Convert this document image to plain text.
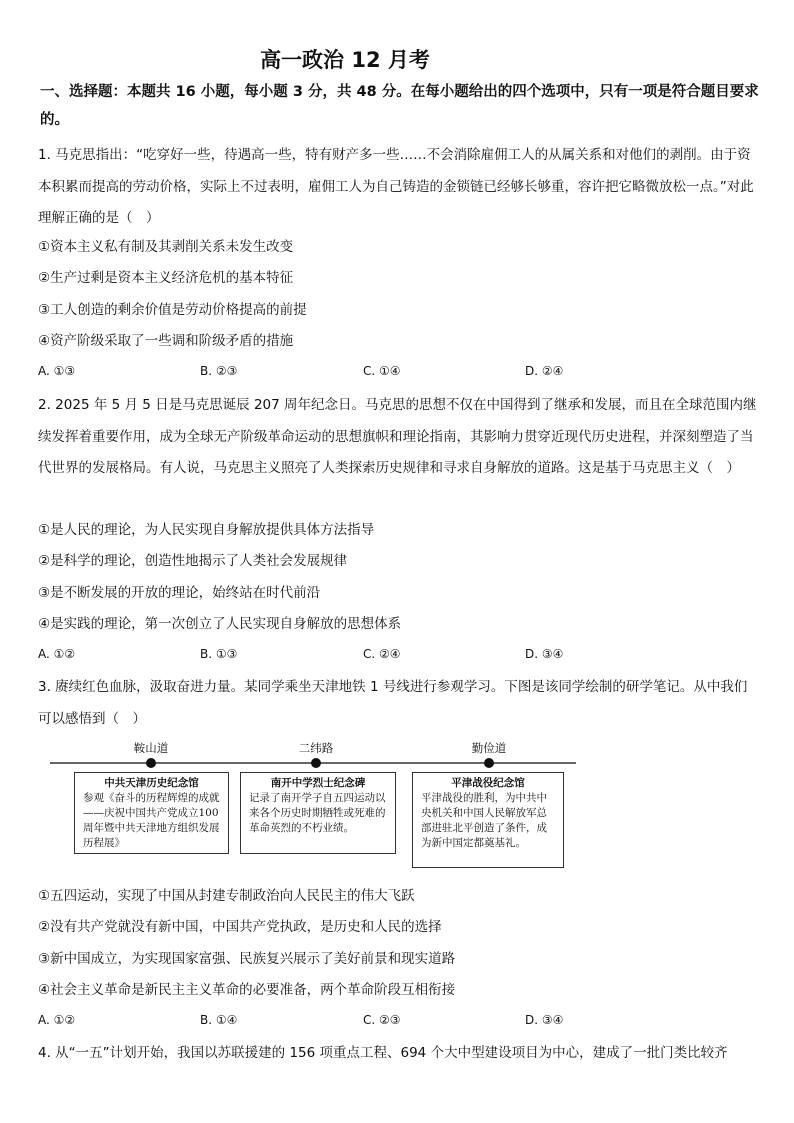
高一政治 12 月考
一、选择题：本题共 16 小题，每小题 3 分，共 48 分。在每小题给出的四个选项中，只有一项是符合题目要求的。
1. 马克思指出：“吃穿好一些，待遇高一些，特有财产多一些……不会消除雇佣工人的从属关系和对他们的剥削。由于资本积累而提高的劳动价格，实际上不过表明，雇佣工人为自己铸造的金锁链已经够长够重，容许把它略微放松一点。”对此理解正确的是（　）
①资本主义私有制及其剥削关系未发生改变
②生产过剩是资本主义经济危机的基本特征
③工人创造的剩余价值是劳动价格提高的前提
④资产阶级采取了一些调和阶级矛盾的措施
A. ①③	B. ②③	C. ①④	D. ②④
2. 2025 年 5 月 5 日是马克思诞辰 207 周年纪念日。马克思的思想不仅在中国得到了继承和发展，而且在全球范围内继续发挥着重要作用，成为全球无产阶级革命运动的思想旗帜和理论指南，其影响力贯穿近现代历史进程，并深刻塑造了当代世界的发展格局。有人说，马克思主义照亮了人类探索历史规律和寻求自身解放的道路。这是基于马克思主义（　）
①是人民的理论，为人民实现自身解放提供具体方法指导
②是科学的理论，创造性地揭示了人类社会发展规律
③是不断发展的开放的理论，始终站在时代前沿
④是实践的理论，第一次创立了人民实现自身解放的思想体系
A. ①②	B. ①③	C. ②④	D. ③④
3. 赓续红色血脉，汲取奋进力量。某同学乘坐天津地铁 1 号线进行参观学习。下图是该同学绘制的研学笔记。从中我们可以感悟到（　）
鞍山道	二纬路	勤俭道
中共天津历史纪念馆
参观《奋斗的历程辉煌的成就——庆祝中国共产党成立100周年暨中共天津地方组织发展历程展》
南开中学烈士纪念碑
记录了南开学子自五四运动以来各个历史时期牺牲或死难的革命英烈的不朽业绩。
平津战役纪念馆
平津战役的胜利，为中共中央机关和中国人民解放军总部进驻北平创造了条件，成为新中国定都奠基礼。
①五四运动，实现了中国从封建专制政治向人民民主的伟大飞跃
②没有共产党就没有新中国，中国共产党执政，是历史和人民的选择
③新中国成立，为实现国家富强、民族复兴展示了美好前景和现实道路
④社会主义革命是新民主主义革命的必要准备，两个革命阶段互相衔接
A. ①②	B. ①④	C. ②③	D. ③④
4. 从“一五”计划开始，我国以苏联援建的 156 项重点工程、694 个大中型建设项目为中心，建成了一批门类比较齐
